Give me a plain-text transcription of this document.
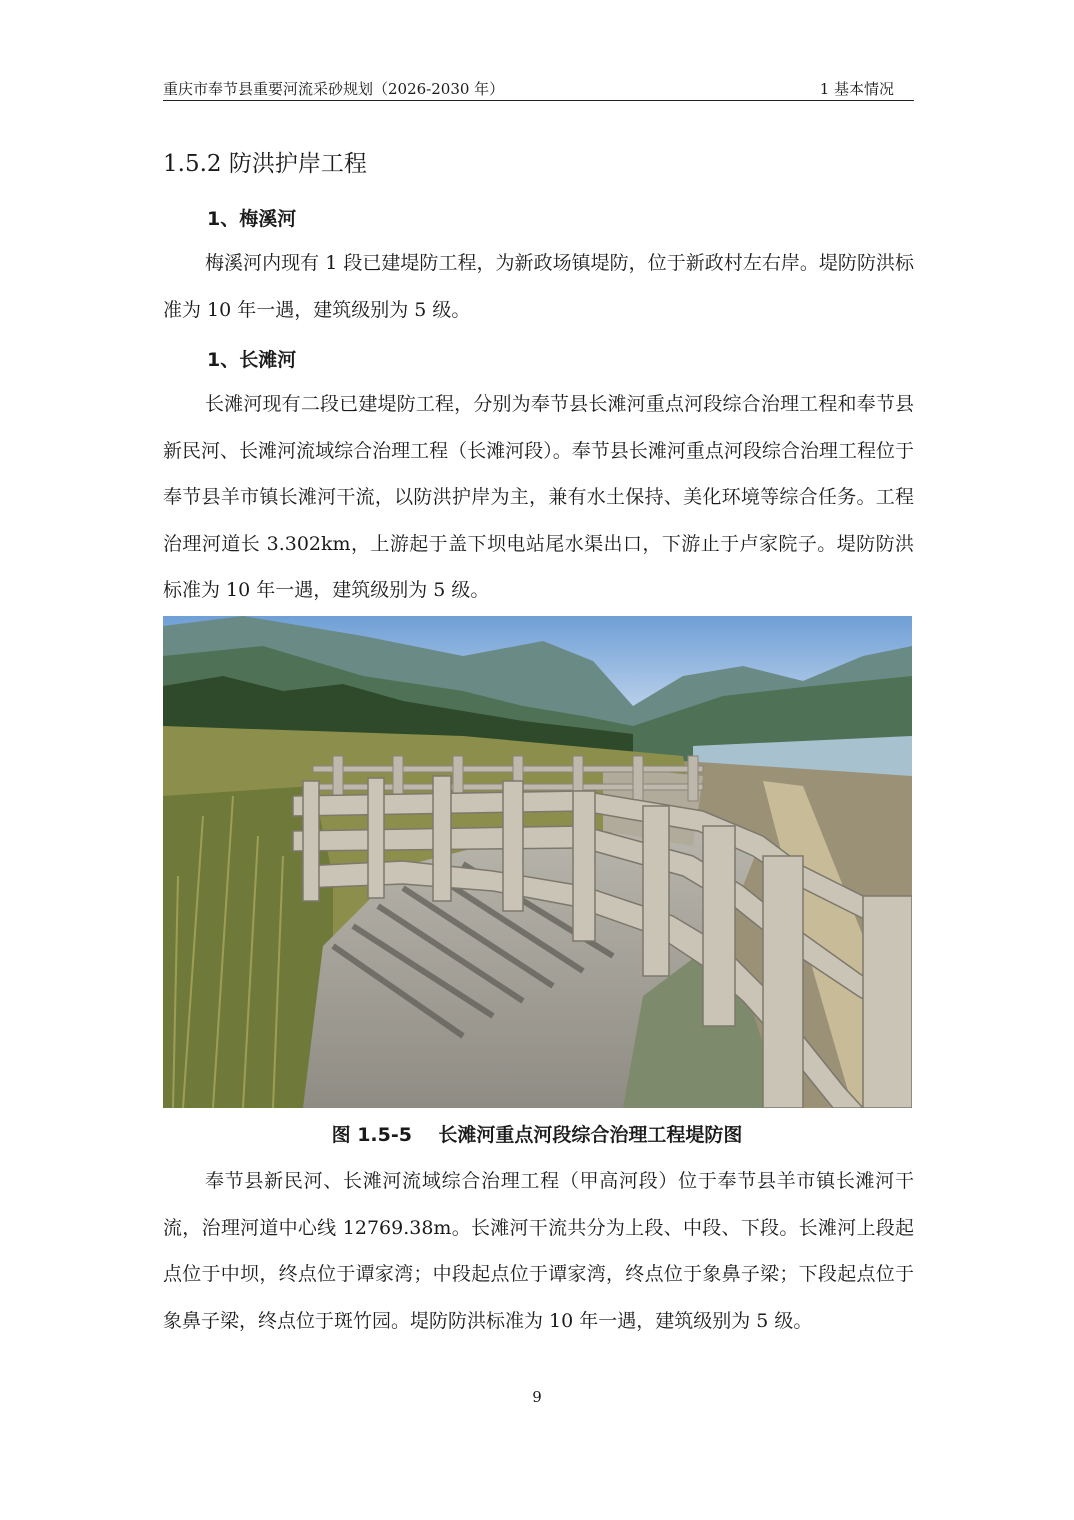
重庆市奉节县重要河流采砂规划（2026-2030 年）	1 基本情况
1.5.2 防洪护岸工程
1、梅溪河

梅溪河内现有 1 段已建堤防工程，为新政场镇堤防，位于新政村左右岸。堤防防洪标准为 10 年一遇，建筑级别为 5 级。

1、长滩河

长滩河现有二段已建堤防工程，分别为奉节县长滩河重点河段综合治理工程和奉节县新民河、长滩河流域综合治理工程（长滩河段）。奉节县长滩河重点河段综合治理工程位于奉节县羊市镇长滩河干流，以防洪护岸为主，兼有水土保持、美化环境等综合任务。工程治理河道长 3.302km，上游起于盖下坝电站尾水渠出口，下游止于卢家院子。堤防防洪标准为 10 年一遇，建筑级别为 5 级。

图 1.5-5    长滩河重点河段综合治理工程堤防图

奉节县新民河、长滩河流域综合治理工程（甲高河段）位于奉节县羊市镇长滩河干流，治理河道中心线 12769.38m。长滩河干流共分为上段、中段、下段。长滩河上段起点位于中坝，终点位于谭家湾；中段起点位于谭家湾，终点位于象鼻子梁；下段起点位于象鼻子梁，终点位于斑竹园。堤防防洪标准为 10 年一遇，建筑级别为 5 级。

9
